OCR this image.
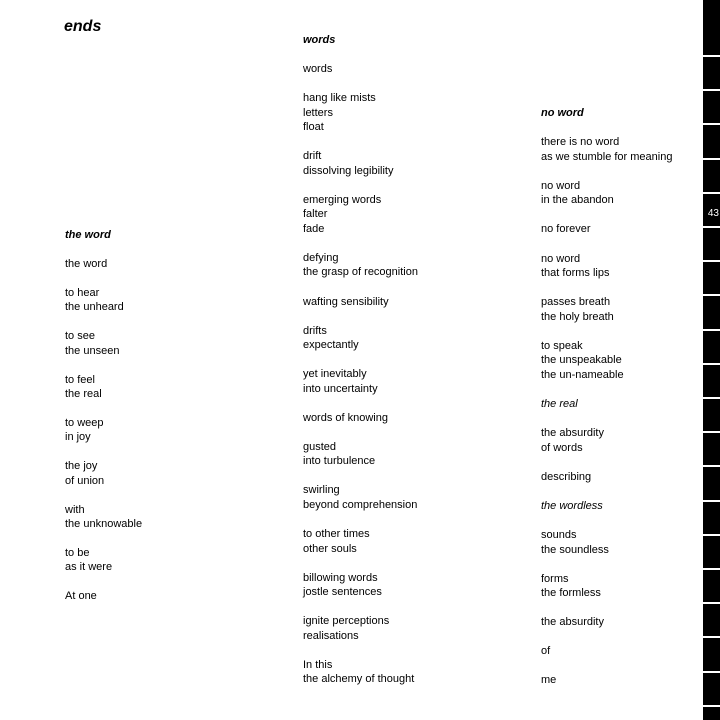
ends
the word
the word
to hear
the unheard
to see
the unseen
to feel
the real
to weep
in joy
the joy
of union
with
the unknowable
to be
as it were
At one
words
words
hang like mists
letters
float
drift
dissolving legibility
emerging words
falter
fade
defying
the grasp of recognition
wafting sensibility
drifts
expectantly
yet inevitably
into uncertainty
words of knowing
gusted
into turbulence
swirling
beyond comprehension
to other times
other souls
billowing words
jostle sentences
ignite perceptions
realisations
In this
the alchemy of thought
no word
there is no word
as we stumble for meaning
no word
in the abandon
no forever
no word
that forms lips
passes breath
the holy breath
to speak
the unspeakable
the un-nameable
the real
the absurdity
of words
describing
the wordless
sounds
the soundless
forms
the formless
the absurdity
of
me
43
